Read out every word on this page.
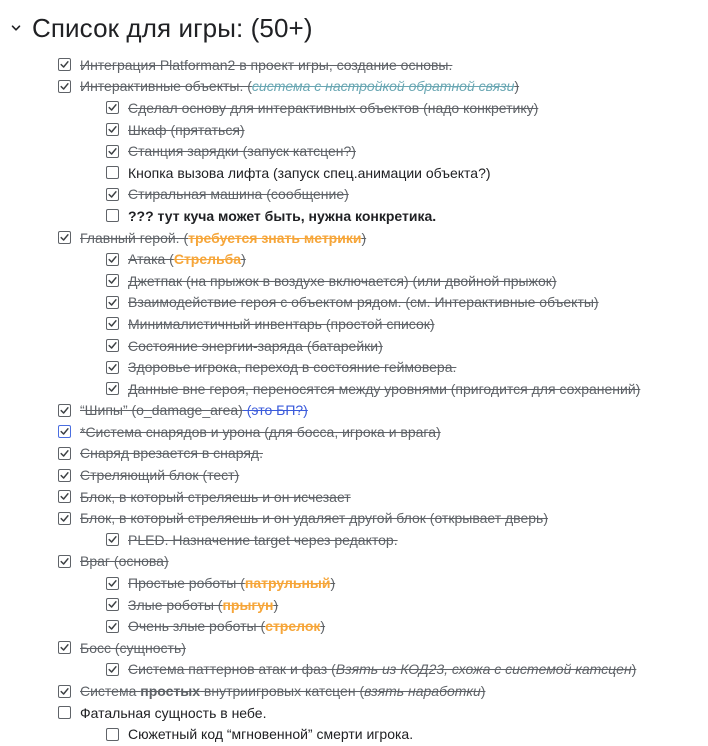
Список для игры: (50+)
Интеграция Platforman2 в проект игры, создание основы.
Интерактивные объекты. (система с настройкой обратной связи)
Сделал основу для интерактивных объектов (надо конкретику)
Шкаф (прятаться)
Станция зарядки (запуск катсцен?)
Кнопка вызова лифта (запуск спец.анимации объекта?)
Стиральная машина (сообщение)
??? тут куча может быть, нужна конкретика.
Главный герой. (требуется знать метрики)
Атака (Стрельба)
Джетпак (на прыжок в воздухе включается) (или двойной прыжок)
Взаимодействие героя с объектом рядом. (см. Интерактивные объекты)
Минималистичный инвентарь (простой список)
Состояние энергии-заряда (батарейки)
Здоровье игрока, переход в состояние геймовера.
Данные вне героя, переносятся между уровнями (пригодится для сохранений)
“Шипы” (o_damage_area) (это БП?)
*Система снарядов и урона (для босса, игрока и врага)
Снаряд врезается в снаряд.
Стреляющий блок (тест)
Блок, в который стреляешь и он исчезает
Блок, в который стреляешь и он удаляет другой блок (открывает дверь)
PLED. Назначение target через редактор.
Враг (основа)
Простые роботы (патрульный)
Злые роботы (прыгун)
Очень злые роботы (стрелок)
Босс (сущность)
Система паттернов атак и фаз (Взять из КОД23, схожа с системой катсцен)
Система простых внутриигровых катсцен (взять наработки)
Фатальная сущность в небе.
Сюжетный код “мгновенной” смерти игрока.
